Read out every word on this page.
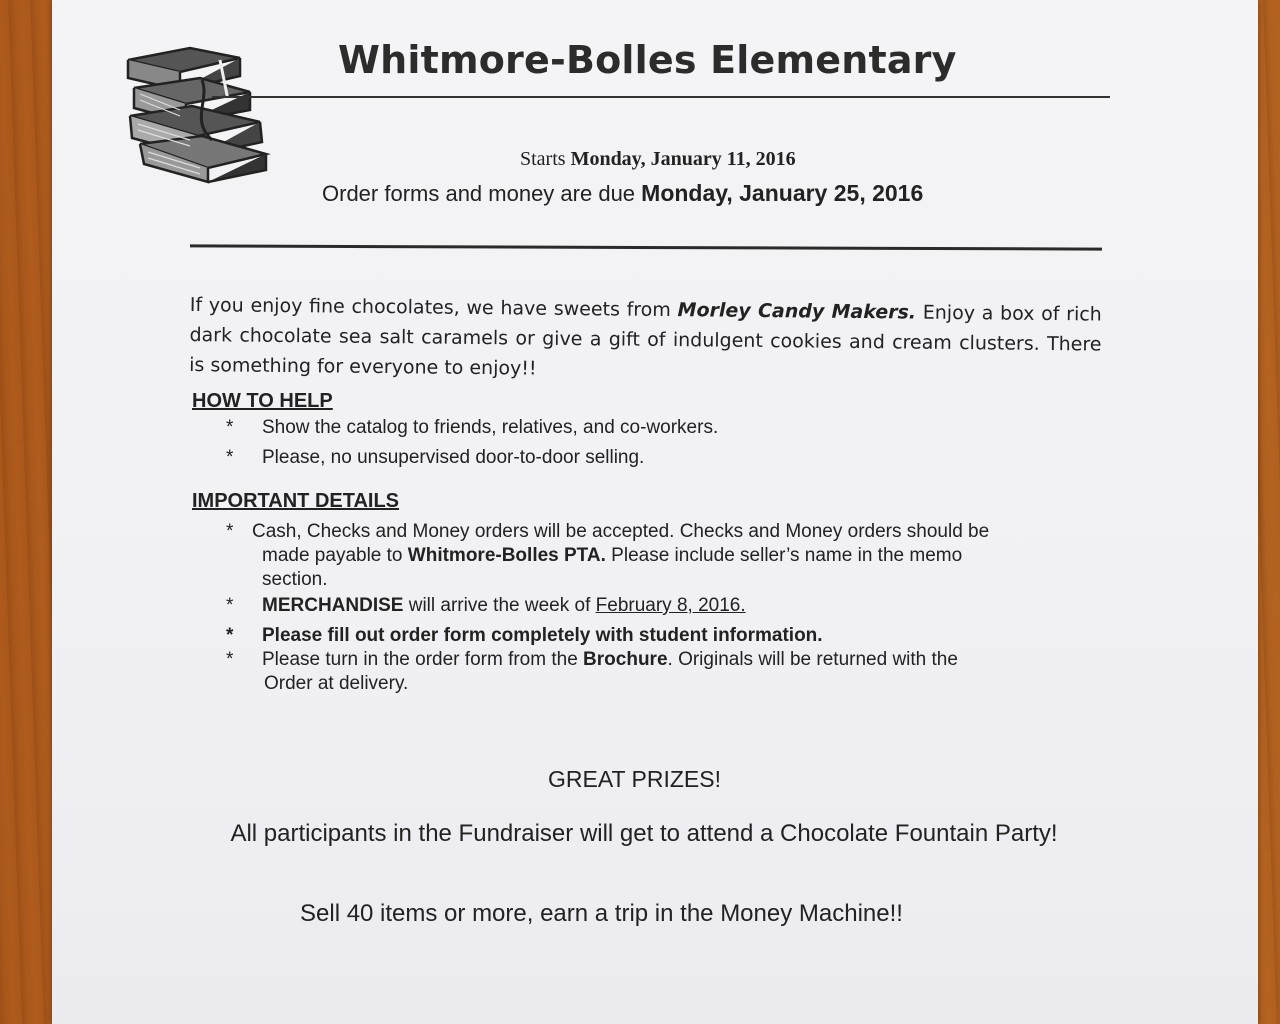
Whitmore-Bolles Elementary
Starts Monday, January 11, 2016
Order forms and money are due Monday, January 25, 2016
If you enjoy fine chocolates, we have sweets from Morley Candy Makers. Enjoy a box of rich dark chocolate sea salt caramels or give a gift of indulgent cookies and cream clusters. There is something for everyone to enjoy!!
HOW TO HELP
* Show the catalog to friends, relatives, and co-workers.
* Please, no unsupervised door-to-door selling.
IMPORTANT DETAILS
* Cash, Checks and Money orders will be accepted. Checks and Money orders should be
made payable to Whitmore-Bolles PTA. Please include seller’s name in the memo
section.
* MERCHANDISE will arrive the week of February 8, 2016.
* Please fill out order form completely with student information.
* Please turn in the order form from the Brochure. Originals will be returned with the
Order at delivery.
GREAT PRIZES!
All participants in the Fundraiser will get to attend a Chocolate Fountain Party!
Sell 40 items or more, earn a trip in the Money Machine!!
